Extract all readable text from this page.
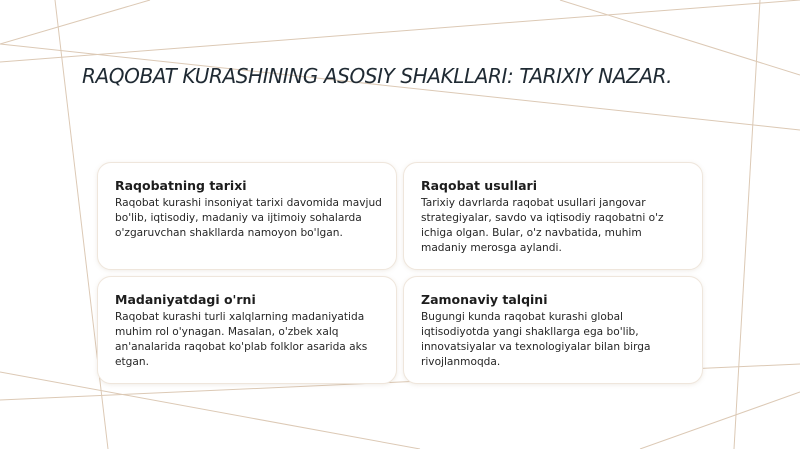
RAQOBAT KURASHINING ASOSIY SHAKLLARI: TARIXIY NAZAR.
Raqobatning tarixi

Raqobat kurashi insoniyat tarixi davomida mavjud bo'lib, iqtisodiy, madaniy va ijtimoiy sohalarda o'zgaruvchan shakllarda namoyon bo'lgan.

Raqobat usullari

Tarixiy davrlarda raqobat usullari jangovar strategiyalar, savdo va iqtisodiy raqobatni o'z ichiga olgan. Bular, o'z navbatida, muhim madaniy merosga aylandi.

Madaniyatdagi o'rni

Raqobat kurashi turli xalqlarning madaniyatida muhim rol o'ynagan. Masalan, o'zbek xalq an'analarida raqobat ko'plab folklor asarida aks etgan.

Zamonaviy talqini

Bugungi kunda raqobat kurashi global iqtisodiyotda yangi shakllarga ega bo'lib, innovatsiyalar va texnologiyalar bilan birga rivojlanmoqda.
